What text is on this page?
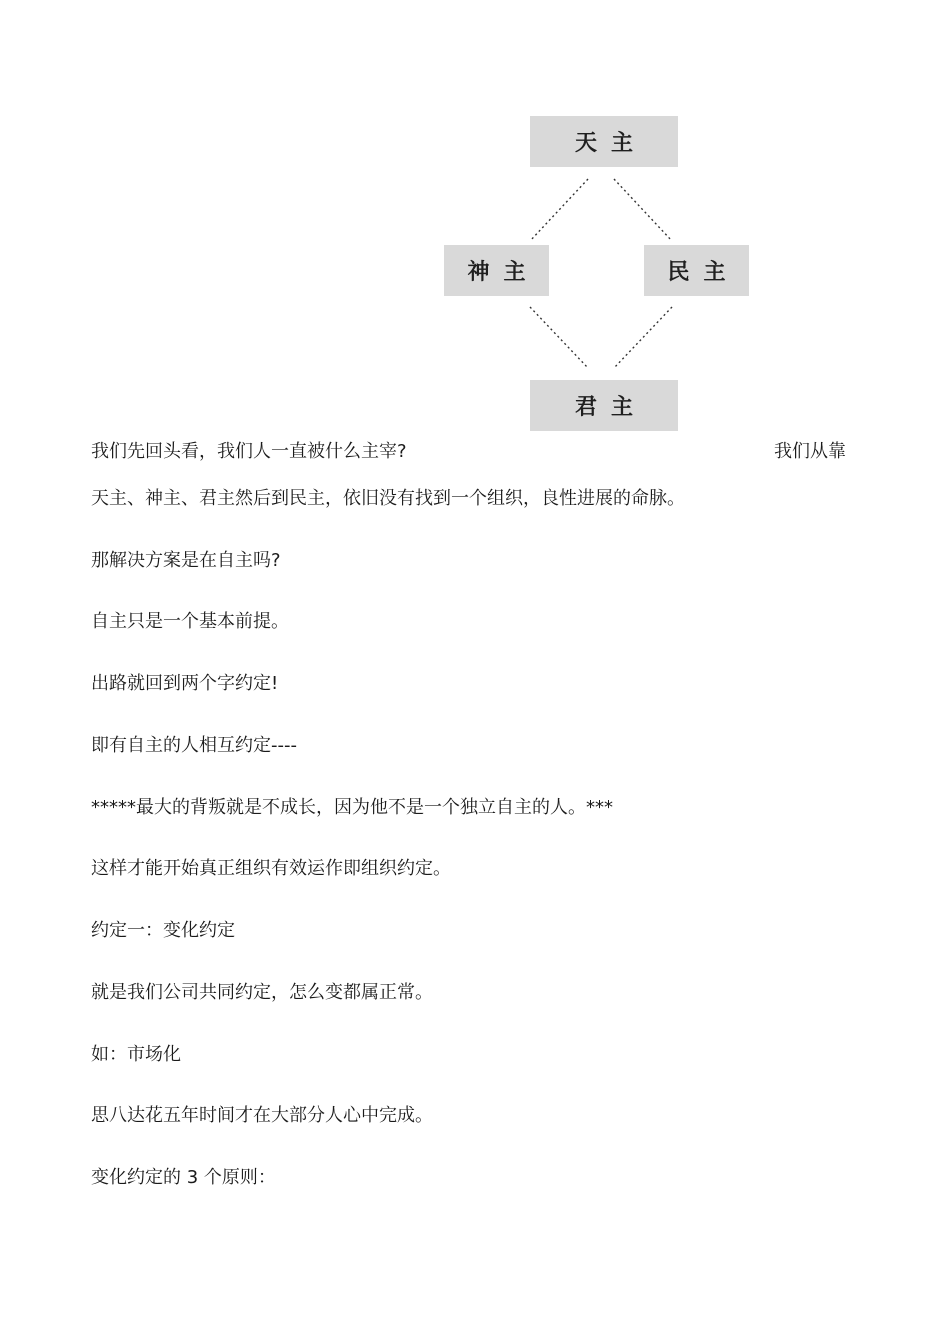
天主
神主	民主
君主
我们先回头看，我们人一直被什么主宰?	我们从靠
天主、神主、君主然后到民主，依旧没有找到一个组织，良性进展的命脉。
那解决方案是在自主吗?
自主只是一个基本前提。
出路就回到两个字约定!
即有自主的人相互约定----
*****最大的背叛就是不成长，因为他不是一个独立自主的人。***
这样才能开始真正组织有效运作即组织约定。
约定一：变化约定
就是我们公司共同约定，怎么变都属正常。
如：市场化
思八达花五年时间才在大部分人心中完成。
变化约定的 3 个原则：
